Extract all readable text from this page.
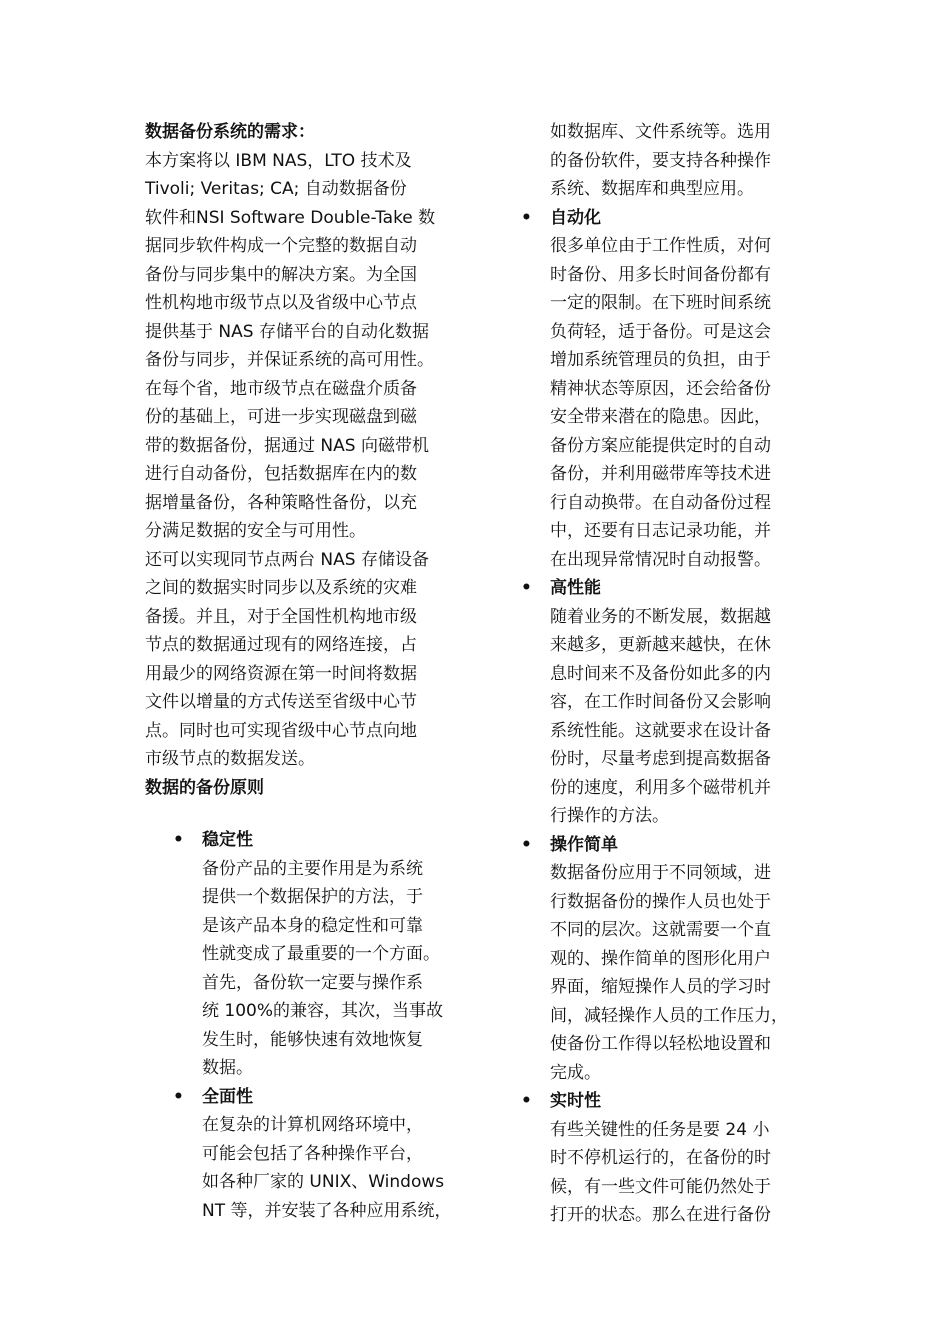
数据备份系统的需求：

本方案将以 IBM NAS，LTO 技术及
Tivoli; Veritas; CA; 自动数据备份
软件和NSI Software Double-Take 数
据同步软件构成一个完整的数据自动
备份与同步集中的解决方案。为全国
性机构地市级节点以及省级中心节点
提供基于 NAS 存储平台的自动化数据
备份与同步，并保证系统的高可用性。
在每个省，地市级节点在磁盘介质备
份的基础上，可进一步实现磁盘到磁
带的数据备份，据通过 NAS 向磁带机
进行自动备份，包括数据库在内的数
据增量备份，各种策略性备份，以充
分满足数据的安全与可用性。

还可以实现同节点两台 NAS 存储设备
之间的数据实时同步以及系统的灾难
备援。并且，对于全国性机构地市级
节点的数据通过现有的网络连接，占
用最少的网络资源在第一时间将数据
文件以增量的方式传送至省级中心节
点。同时也可实现省级中心节点向地
市级节点的数据发送。

数据的备份原则

• 稳定性
备份产品的主要作用是为系统
提供一个数据保护的方法，于
是该产品本身的稳定性和可靠
性就变成了最重要的一个方面。
首先，备份软一定要与操作系
统 100%的兼容，其次，当事故
发生时，能够快速有效地恢复
数据。
• 全面性
在复杂的计算机网络环境中，
可能会包括了各种操作平台，
如各种厂家的 UNIX、Windows
NT 等，并安装了各种应用系统，

如数据库、文件系统等。选用
的备份软件，要支持各种操作
系统、数据库和典型应用。

• 自动化
很多单位由于工作性质，对何
时备份、用多长时间备份都有
一定的限制。在下班时间系统
负荷轻，适于备份。可是这会
增加系统管理员的负担，由于
精神状态等原因，还会给备份
安全带来潜在的隐患。因此，
备份方案应能提供定时的自动
备份，并利用磁带库等技术进
行自动换带。在自动备份过程
中，还要有日志记录功能，并
在出现异常情况时自动报警。
• 高性能
随着业务的不断发展，数据越
来越多，更新越来越快，在休
息时间来不及备份如此多的内
容，在工作时间备份又会影响
系统性能。这就要求在设计备
份时，尽量考虑到提高数据备
份的速度，利用多个磁带机并
行操作的方法。
• 操作简单
数据备份应用于不同领域，进
行数据备份的操作人员也处于
不同的层次。这就需要一个直
观的、操作简单的图形化用户
界面，缩短操作人员的学习时
间，减轻操作人员的工作压力，
使备份工作得以轻松地设置和
完成。
• 实时性
有些关键性的任务是要 24 小
时不停机运行的，在备份的时
候，有一些文件可能仍然处于
打开的状态。那么在进行备份
